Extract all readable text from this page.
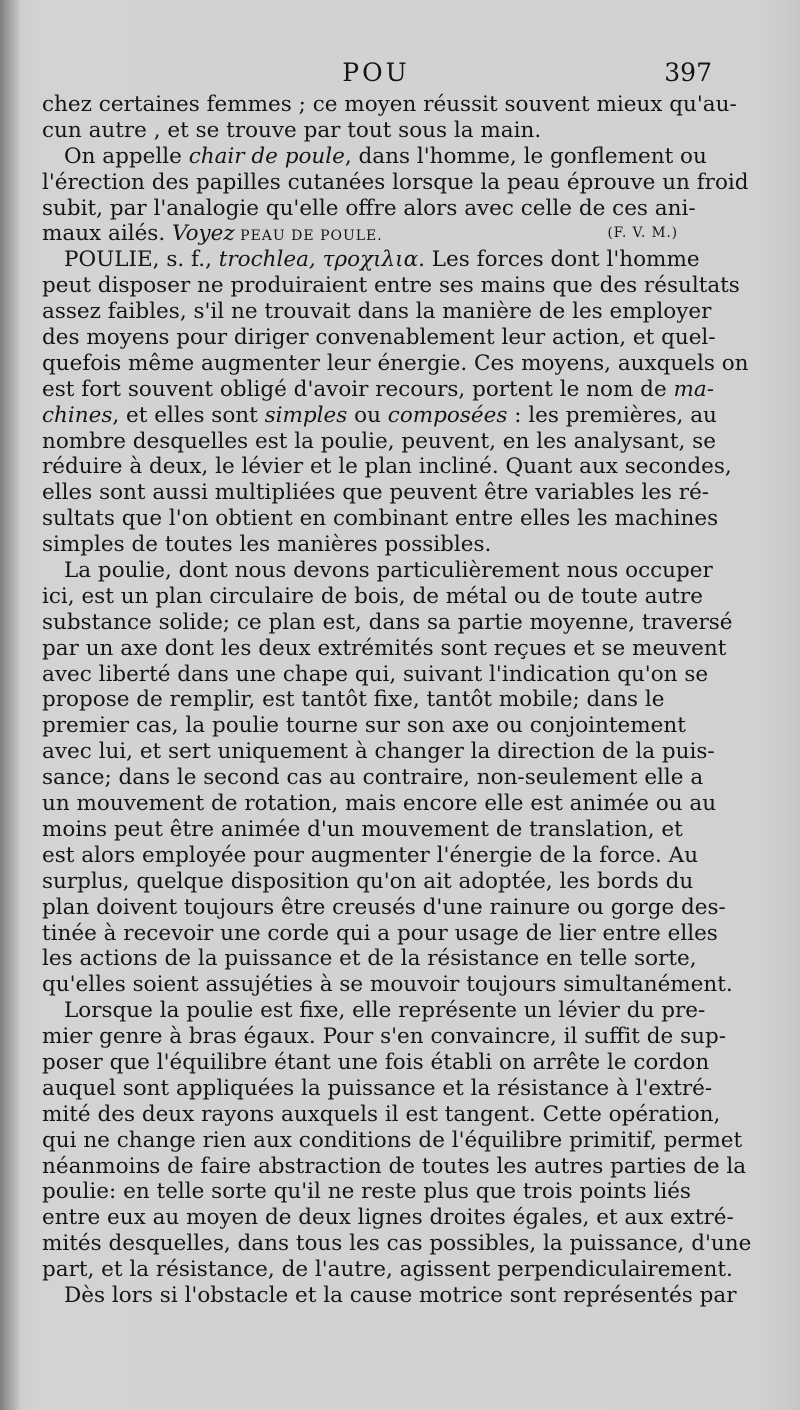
POU	397
chez certaines femmes ; ce moyen réussit souvent mieux qu'au-
cun autre , et se trouve par tout sous la main.
On appelle chair de poule, dans l'homme, le gonflement ou
l'érection des papilles cutanées lorsque la peau éprouve un froid
subit, par l'analogie qu'elle offre alors avec celle de ces ani-
maux ailés. Voyez PEAU DE POULE.	(F. V. M.)
POULIE, s. f., trochlea, τροχιλια. Les forces dont l'homme
peut disposer ne produiraient entre ses mains que des résultats
assez faibles, s'il ne trouvait dans la manière de les employer
des moyens pour diriger convenablement leur action, et quel-
quefois même augmenter leur énergie. Ces moyens, auxquels on
est fort souvent obligé d'avoir recours, portent le nom de ma-
chines, et elles sont simples ou composées : les premières, au
nombre desquelles est la poulie, peuvent, en les analysant, se
réduire à deux, le lévier et le plan incliné. Quant aux secondes,
elles sont aussi multipliées que peuvent être variables les ré-
sultats que l'on obtient en combinant entre elles les machines
simples de toutes les manières possibles.
La poulie, dont nous devons particulièrement nous occuper
ici, est un plan circulaire de bois, de métal ou de toute autre
substance solide; ce plan est, dans sa partie moyenne, traversé
par un axe dont les deux extrémités sont reçues et se meuvent
avec liberté dans une chape qui, suivant l'indication qu'on se
propose de remplir, est tantôt fixe, tantôt mobile; dans le
premier cas, la poulie tourne sur son axe ou conjointement
avec lui, et sert uniquement à changer la direction de la puis-
sance; dans le second cas au contraire, non-seulement elle a
un mouvement de rotation, mais encore elle est animée ou au
moins peut être animée d'un mouvement de translation, et
est alors employée pour augmenter l'énergie de la force. Au
surplus, quelque disposition qu'on ait adoptée, les bords du
plan doivent toujours être creusés d'une rainure ou gorge des-
tinée à recevoir une corde qui a pour usage de lier entre elles
les actions de la puissance et de la résistance en telle sorte,
qu'elles soient assujéties à se mouvoir toujours simultanément.
Lorsque la poulie est fixe, elle représente un lévier du pre-
mier genre à bras égaux. Pour s'en convaincre, il suffit de sup-
poser que l'équilibre étant une fois établi on arrête le cordon
auquel sont appliquées la puissance et la résistance à l'extré-
mité des deux rayons auxquels il est tangent. Cette opération,
qui ne change rien aux conditions de l'équilibre primitif, permet
néanmoins de faire abstraction de toutes les autres parties de la
poulie: en telle sorte qu'il ne reste plus que trois points liés
entre eux au moyen de deux lignes droites égales, et aux extré-
mités desquelles, dans tous les cas possibles, la puissance, d'une
part, et la résistance, de l'autre, agissent perpendiculairement.
Dès lors si l'obstacle et la cause motrice sont représentés par
